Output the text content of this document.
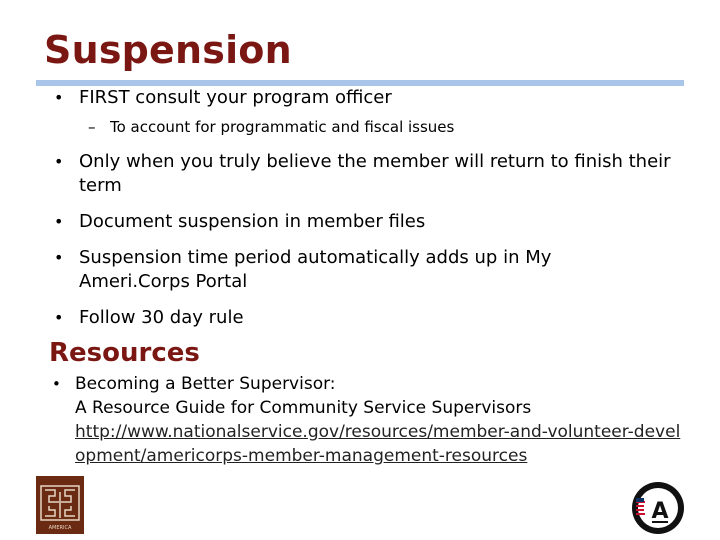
Suspension
• FIRST consult your program officer
– To account for programmatic and fiscal issues
• Only when you truly believe the member will return to finish their term
• Document suspension in member files
• Suspension time period automatically adds up in My Ameri.Corps Portal
• Follow 30 day rule
Resources
• Becoming a Better Supervisor:
A Resource Guide for Community Service Supervisors
http://www.nationalservice.gov/resources/member-and-volunteer-development/americorps-member-management-resources
AMERICA
A
